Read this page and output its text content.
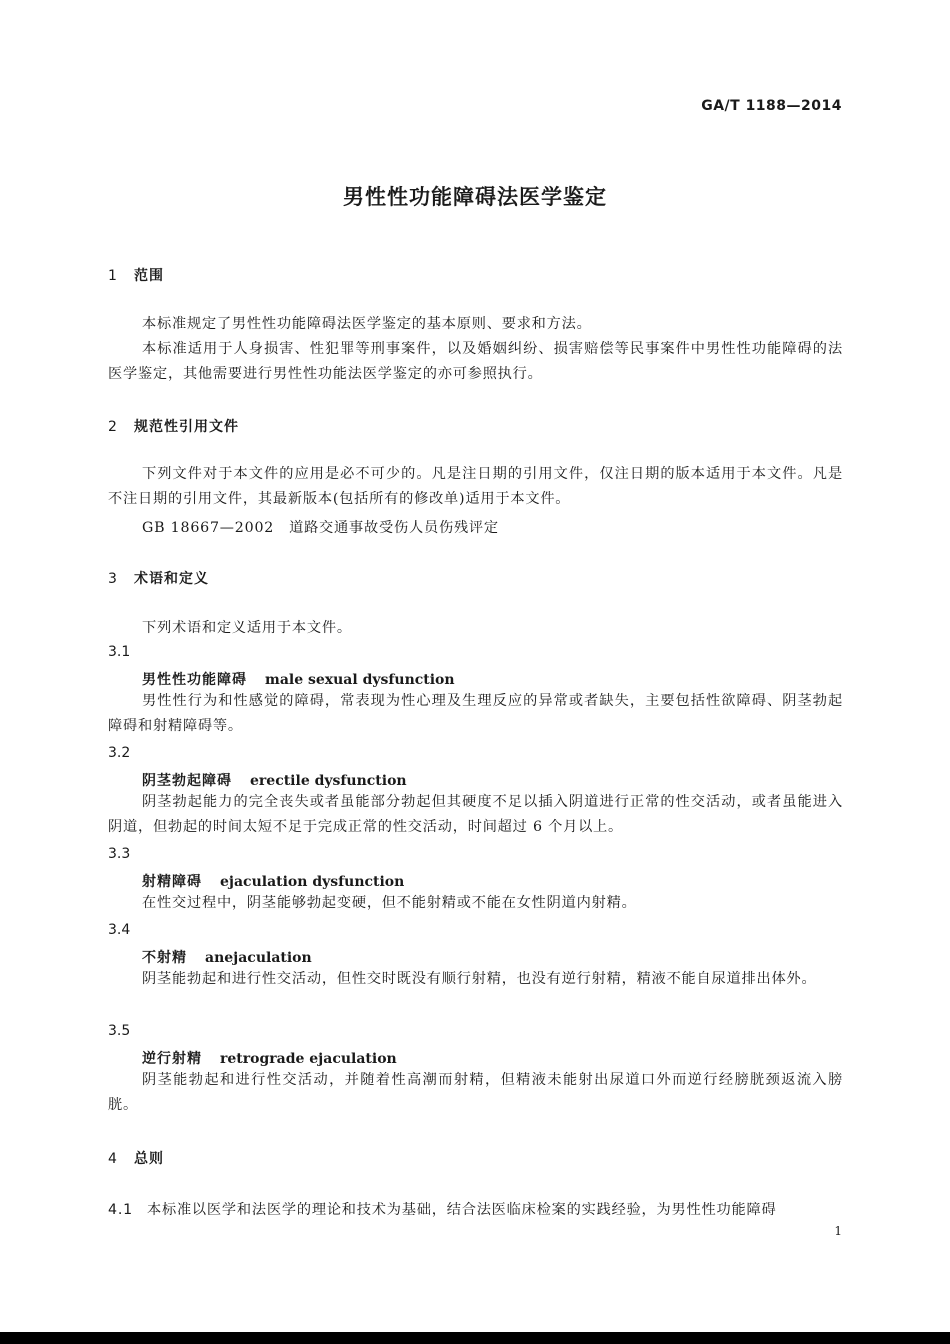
GA/T 1188—2014
男性性功能障碍法医学鉴定
1 范围
本标准规定了男性性功能障碍法医学鉴定的基本原则、要求和方法。
本标准适用于人身损害、性犯罪等刑事案件，以及婚姻纠纷、损害赔偿等民事案件中男性性功能障碍的法医学鉴定，其他需要进行男性性功能法医学鉴定的亦可参照执行。
2 规范性引用文件
下列文件对于本文件的应用是必不可少的。凡是注日期的引用文件，仅注日期的版本适用于本文件。凡是不注日期的引用文件，其最新版本(包括所有的修改单)适用于本文件。
GB 18667—2002　道路交通事故受伤人员伤残评定
3 术语和定义
下列术语和定义适用于本文件。
3.1
男性性功能障碍 male sexual dysfunction
男性性行为和性感觉的障碍，常表现为性心理及生理反应的异常或者缺失，主要包括性欲障碍、阴茎勃起障碍和射精障碍等。
3.2
阴茎勃起障碍 erectile dysfunction
阴茎勃起能力的完全丧失或者虽能部分勃起但其硬度不足以插入阴道进行正常的性交活动，或者虽能进入阴道，但勃起的时间太短不足于完成正常的性交活动，时间超过 6 个月以上。
3.3
射精障碍 ejaculation dysfunction
在性交过程中，阴茎能够勃起变硬，但不能射精或不能在女性阴道内射精。
3.4
不射精 anejaculation
阴茎能勃起和进行性交活动，但性交时既没有顺行射精，也没有逆行射精，精液不能自尿道排出体外。
3.5
逆行射精 retrograde ejaculation
阴茎能勃起和进行性交活动，并随着性高潮而射精，但精液未能射出尿道口外而逆行经膀胱颈返流入膀胱。
4 总则
4.1 本标准以医学和法医学的理论和技术为基础，结合法医临床检案的实践经验，为男性性功能障碍
1
